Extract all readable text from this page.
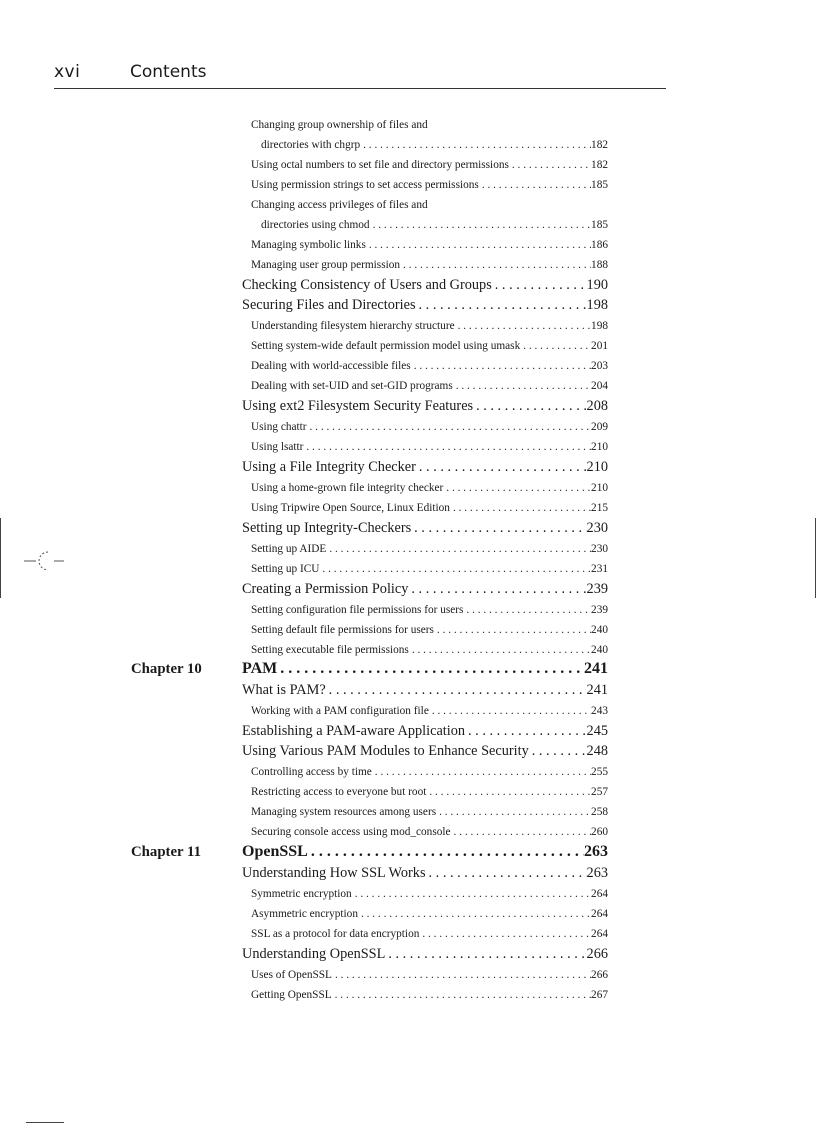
xvi	Contents
Changing group ownership of files and
directories with chgrp . . .	182
Using octal numbers to set file and directory permissions . . .	182
Using permission strings to set access permissions . . .	185
Changing access privileges of files and
directories using chmod . . .	185
Managing symbolic links . . .	186
Managing user group permission . . .	188
Checking Consistency of Users and Groups . . .	190
Securing Files and Directories . . .	198
Understanding filesystem hierarchy structure . . .	198
Setting system-wide default permission model using umask . . .	201
Dealing with world-accessible files . . .	203
Dealing with set-UID and set-GID programs . . .	204
Using ext2 Filesystem Security Features . . .	208
Using chattr . . .	209
Using lsattr . . .	210
Using a File Integrity Checker . . .	210
Using a home-grown file integrity checker . . .	210
Using Tripwire Open Source, Linux Edition . . .	215
Setting up Integrity-Checkers . . .	230
Setting up AIDE . . .	230
Setting up ICU . . .	231
Creating a Permission Policy . . .	239
Setting configuration file permissions for users . . .	239
Setting default file permissions for users . . .	240
Setting executable file permissions . . .	240
Chapter 10	PAM . . .	241
What is PAM? . . .	241
Working with a PAM configuration file . . .	243
Establishing a PAM-aware Application . . .	245
Using Various PAM Modules to Enhance Security . . .	248
Controlling access by time . . .	255
Restricting access to everyone but root . . .	257
Managing system resources among users . . .	258
Securing console access using mod_console . . .	260
Chapter 11	OpenSSL . . .	263
Understanding How SSL Works . . .	263
Symmetric encryption . . .	264
Asymmetric encryption . . .	264
SSL as a protocol for data encryption . . .	264
Understanding OpenSSL . . .	266
Uses of OpenSSL . . .	266
Getting OpenSSL . . .	267
